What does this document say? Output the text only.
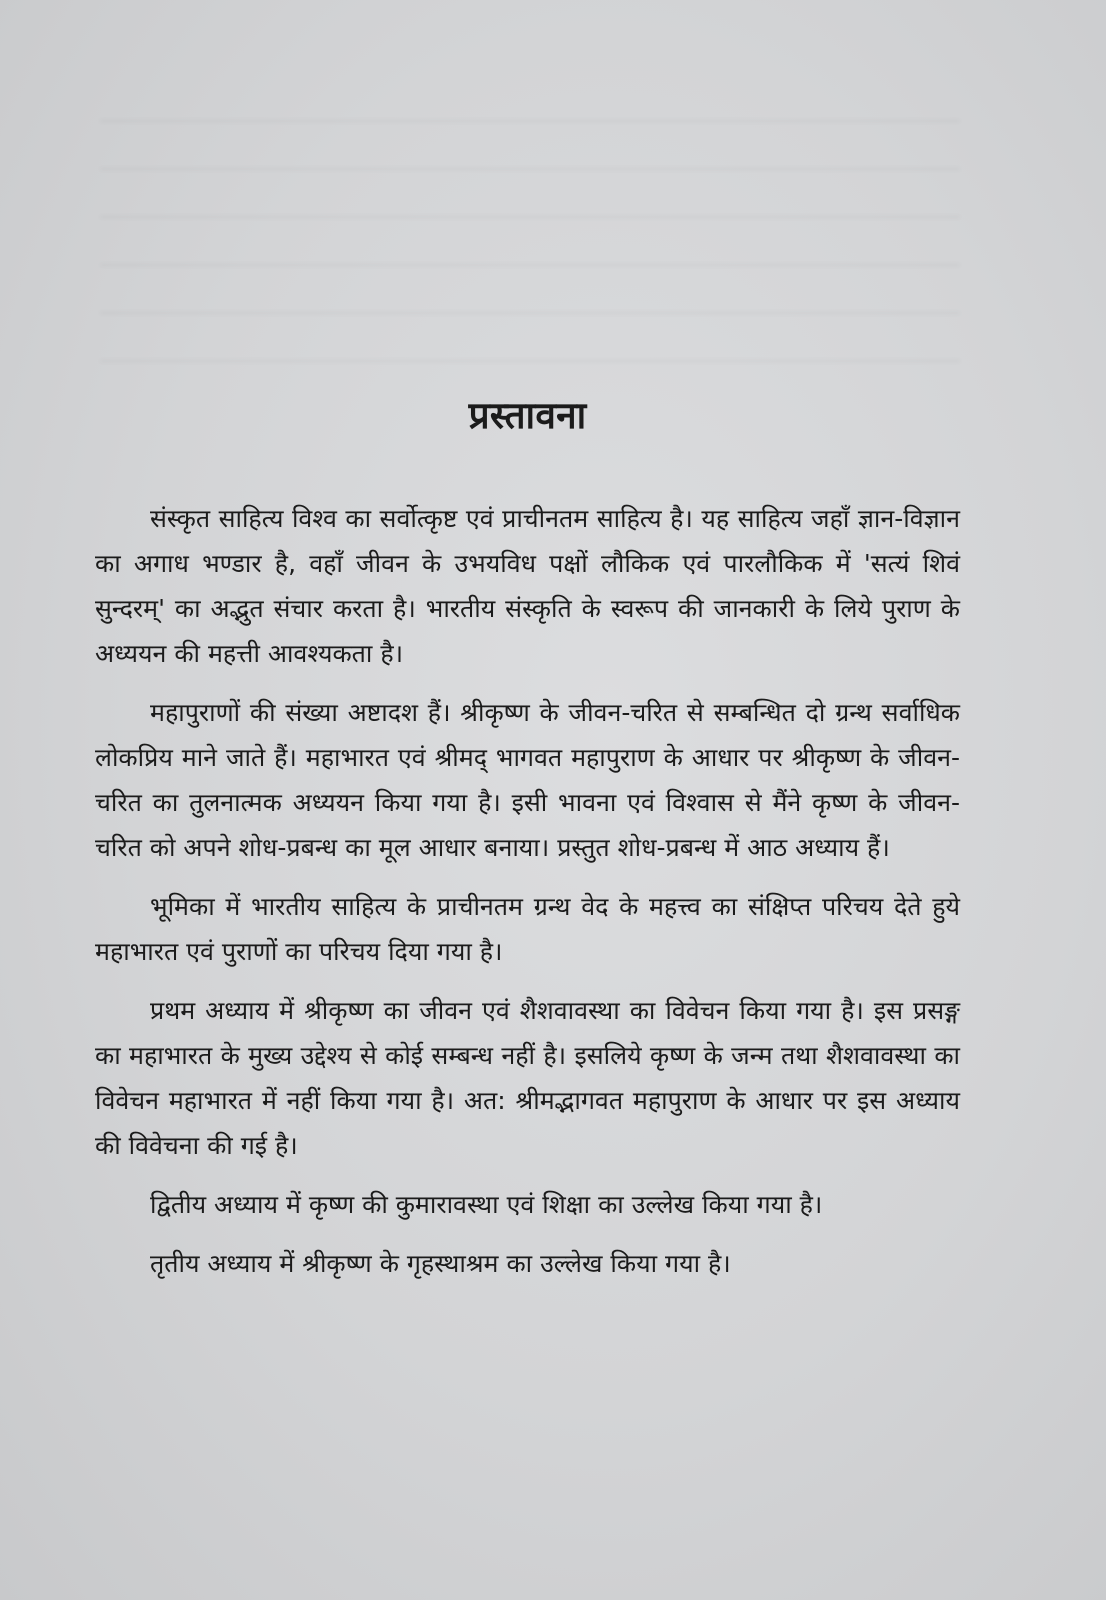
प्रस्तावना

संस्कृत साहित्य विश्व का सर्वोत्कृष्ट एवं प्राचीनतम साहित्य है। यह साहित्य जहाँ ज्ञान-विज्ञान का अगाध भण्डार है, वहाँ जीवन के उभयविध पक्षों लौकिक एवं पारलौकिक में 'सत्यं शिवं सुन्दरम्' का अद्भुत संचार करता है। भारतीय संस्कृति के स्वरूप की जानकारी के लिये पुराण के अध्ययन की महत्ती आवश्यकता है।

महापुराणों की संख्या अष्टादश हैं। श्रीकृष्ण के जीवन-चरित से सम्बन्धित दो ग्रन्थ सर्वाधिक लोकप्रिय माने जाते हैं। महाभारत एवं श्रीमद् भागवत महापुराण के आधार पर श्रीकृष्ण के जीवन-चरित का तुलनात्मक अध्ययन किया गया है। इसी भावना एवं विश्वास से मैंने कृष्ण के जीवन-चरित को अपने शोध-प्रबन्ध का मूल आधार बनाया। प्रस्तुत शोध-प्रबन्ध में आठ अध्याय हैं।

भूमिका में भारतीय साहित्य के प्राचीनतम ग्रन्थ वेद के महत्त्व का संक्षिप्त परिचय देते हुये महाभारत एवं पुराणों का परिचय दिया गया है।

प्रथम अध्याय में श्रीकृष्ण का जीवन एवं शैशवावस्था का विवेचन किया गया है। इस प्रसङ्ग का महाभारत के मुख्य उद्देश्य से कोई सम्बन्ध नहीं है। इसलिये कृष्ण के जन्म तथा शैशवावस्था का विवेचन महाभारत में नहीं किया गया है। अत: श्रीमद्भागवत महापुराण के आधार पर इस अध्याय की विवेचना की गई है।

द्वितीय अध्याय में कृष्ण की कुमारावस्था एवं शिक्षा का उल्लेख किया गया है।

तृतीय अध्याय में श्रीकृष्ण के गृहस्थाश्रम का उल्लेख किया गया है।
